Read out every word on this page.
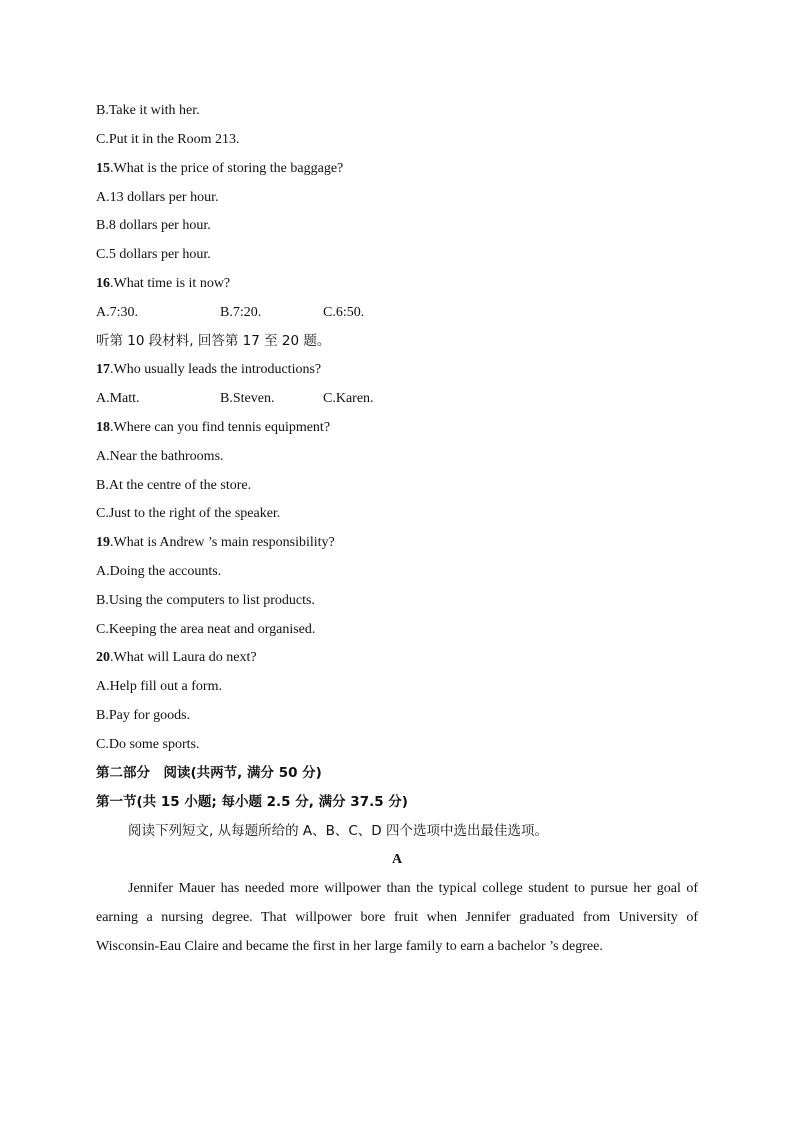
B.Take it with her.
C.Put it in the Room 213.
15.What is the price of storing the baggage?
A.13 dollars per hour.
B.8 dollars per hour.
C.5 dollars per hour.
16.What time is it now?
A.7:30.	B.7:20.	C.6:50.
听第 10 段材料, 回答第 17 至 20 题。
17.Who usually leads the introductions?
A.Matt.	B.Steven.	C.Karen.
18.Where can you find tennis equipment?
A.Near the bathrooms.
B.At the centre of the store.
C.Just to the right of the speaker.
19.What is Andrew ’s main responsibility?
A.Doing the accounts.
B.Using the computers to list products.
C.Keeping the area neat and organised.
20.What will Laura do next?
A.Help fill out a form.
B.Pay for goods.
C.Do some sports.
第二部分　阅读(共两节, 满分 50 分)
第一节(共 15 小题; 每小题 2.5 分, 满分 37.5 分)
阅读下列短文, 从每题所给的 A、B、C、D 四个选项中选出最佳选项。
A
Jennifer Mauer has needed more willpower than the typical college student to pursue her goal of earning a nursing degree. That willpower bore fruit when Jennifer graduated from University of Wisconsin-Eau Claire and became the first in her large family to earn a bachelor ’s degree.
